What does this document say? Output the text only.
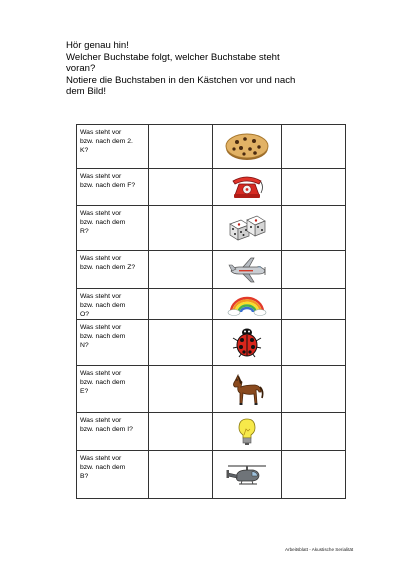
Hör genau hin!
Welcher Buchstabe folgt, welcher Buchstabe steht
voran?
Notiere die Buchstaben in den Kästchen vor und nach
dem Bild!
Was steht vor
bzw. nach dem 2.
K?

Was steht vor
bzw. nach dem F?

Was steht vor
bzw. nach dem
R?

Was steht vor
bzw. nach dem Z?

Was steht vor
bzw. nach dem
O?

Was steht vor
bzw. nach dem
N?

Was steht vor
bzw. nach dem
E?

Was steht vor
bzw. nach dem I?

Was steht vor
bzw. nach dem
B?

Arbeitsblatt - Akustische Serialität
